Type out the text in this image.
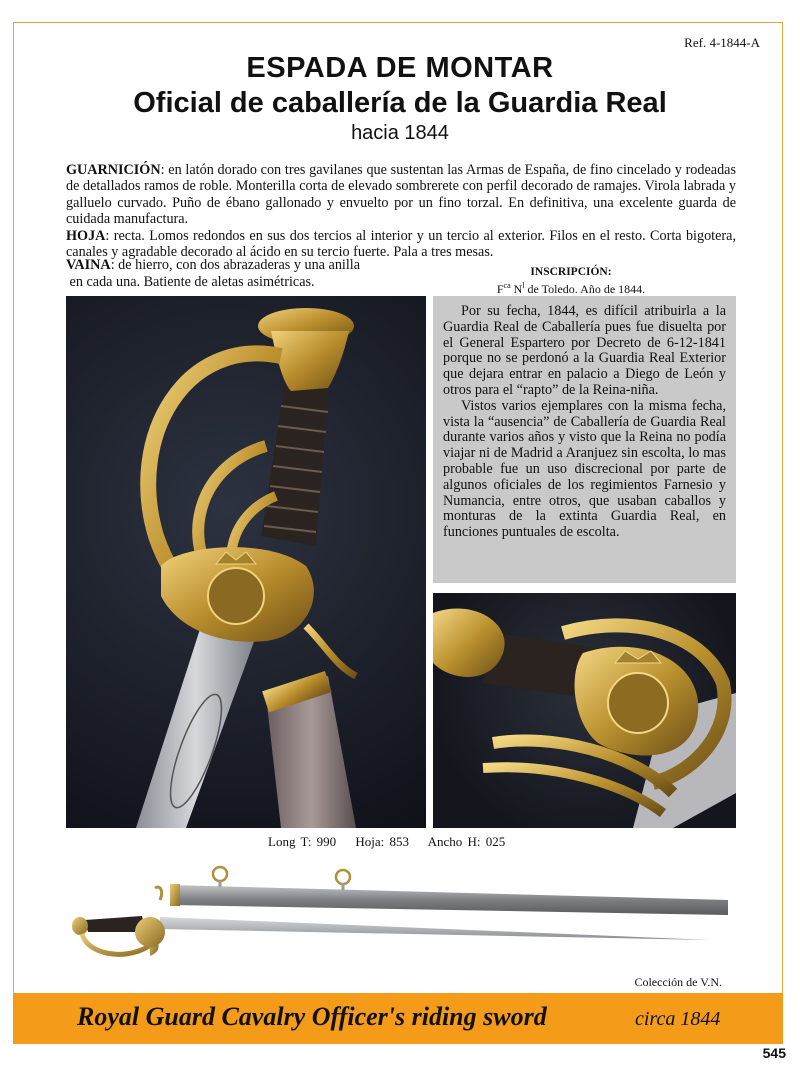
Ref. 4-1844-A
ESPADA DE MONTAR
Oficial de caballería de la Guardia Real
hacia 1844

GUARNICIÓN: en latón dorado con tres gavilanes que sustentan las Armas de España, de fino cincelado y rodeadas de detallados ramos de roble. Monterilla corta de elevado sombrerete con perfil decorado de ramajes. Virola labrada y galluelo curvado. Puño de ébano gallonado y envuelto por un fino torzal. En definitiva, una excelente guarda de cuidada manufactura.

HOJA: recta. Lomos redondos en sus dos tercios al interior y un tercio al exterior. Filos en el resto. Corta bigotera, canales y agradable decorado al ácido en su tercio fuerte. Pala a tres mesas.

VAINA: de hierro, con dos abrazaderas y una anilla
en cada una. Batiente de aletas asimétricas.
INSCRIPCIÓN:
$F^{ca}$ $N^l$ de Toledo. Año de 1844.

Por su fecha, 1844, es difícil atribuirla a la Guardia Real de Caballería pues fue disuelta por el General Espartero por Decreto de 6-12-1841 porque no se perdonó a la Guardia Real Exterior que dejara entrar en palacio a Diego de León y otros para el “rapto” de la Reina-niña.

Vistos varios ejemplares con la misma fecha, vista la “ausencia” de Caballería de Guardia Real durante varios años y visto que la Reina no podía viajar ni de Madrid a Aranjuez sin escolta, lo mas probable fue un uso discrecional por parte de algunos oficiales de los regimientos Farnesio y Numancia, entre otros, que usaban caballos y monturas de la extinta Guardia Real, en funciones puntuales de escolta.

Long T: 990 Hoja: 853 Ancho H: 025
Colección de V.N.
Royal Guard Cavalry Officer's riding sword	circa 1844
545
